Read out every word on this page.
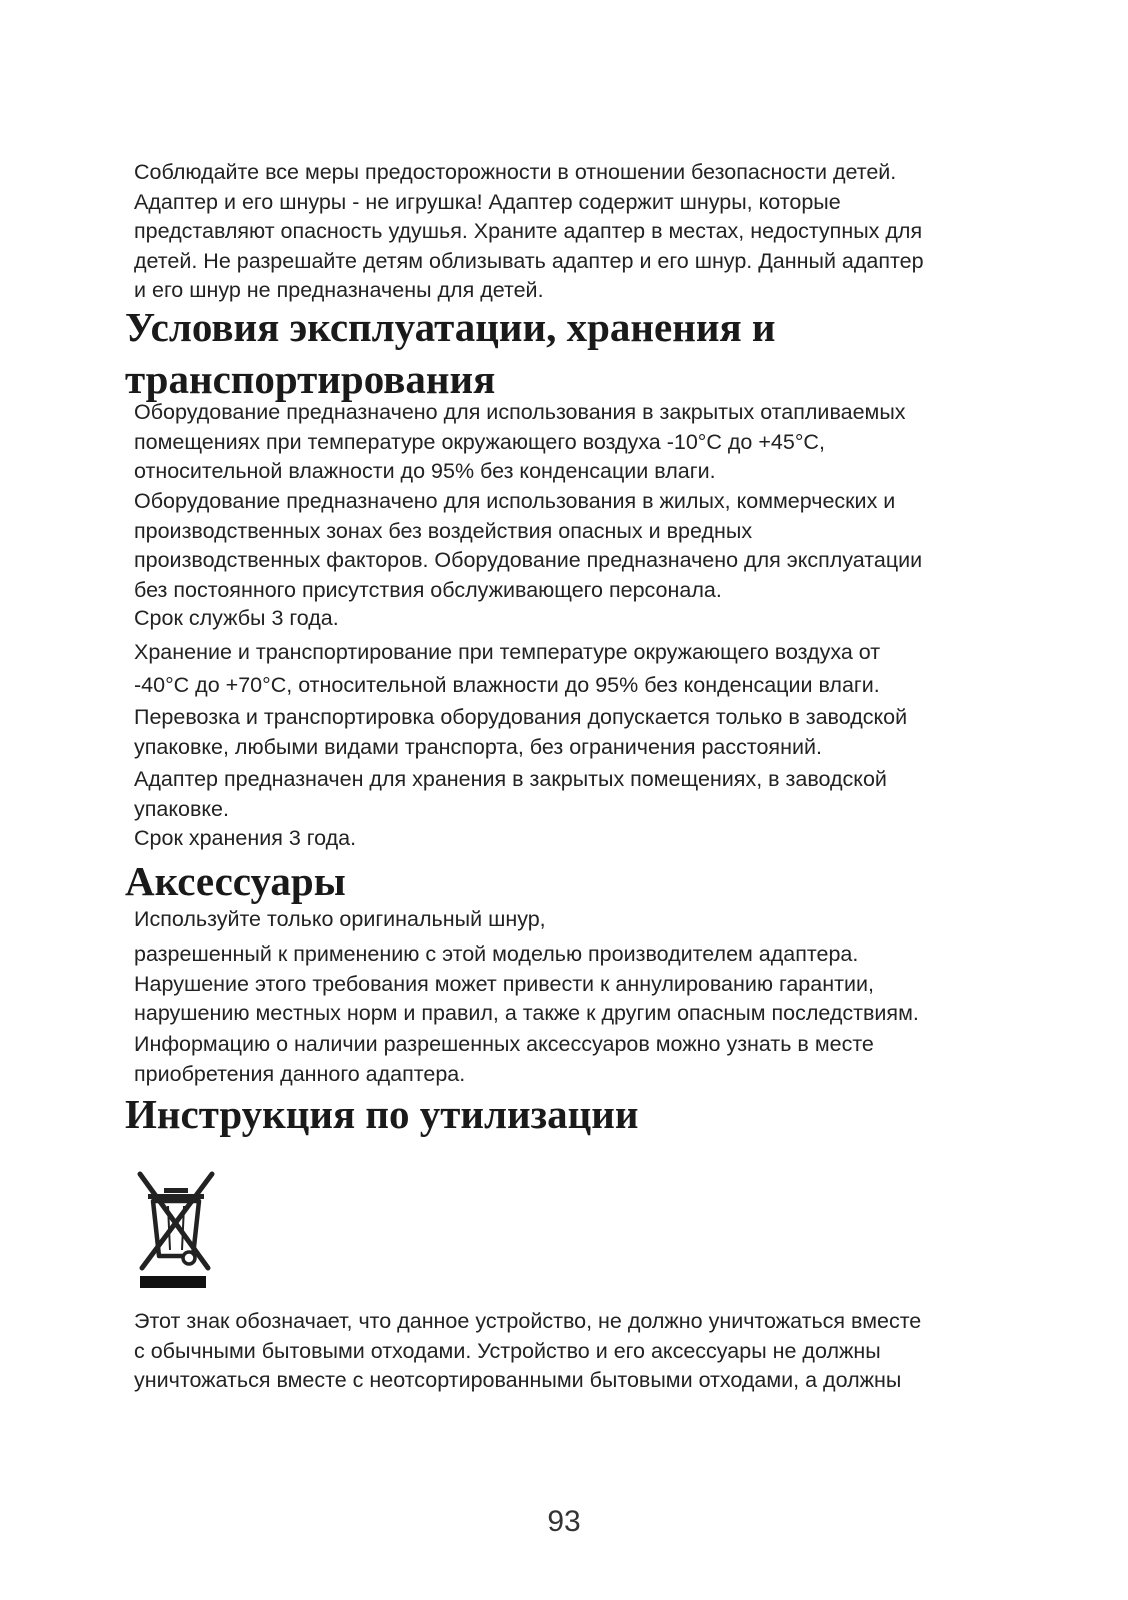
Соблюдайте все меры предосторожности в отношении безопасности детей.
Адаптер и его шнуры - не игрушка! Адаптер содержит шнуры, которые
представляют опасность удушья. Храните адаптер в местах, недоступных для
детей. Не разрешайте детям облизывать адаптер и его шнур. Данный адаптер
и его шнур не предназначены для детей.

Условия эксплуатации, хранения и
транспортирования

Оборудование предназначено для использования в закрытых отапливаемых
помещениях при температуре окружающего воздуха -10°C до +45°C,
относительной влажности до 95% без конденсации влаги.

Оборудование предназначено для использования в жилых, коммерческих и
производственных зонах без воздействия опасных и вредных
производственных факторов. Оборудование предназначено для эксплуатации
без постоянного присутствия обслуживающего персонала.

Срок службы 3 года.

Хранение и транспортирование при температуре окружающего воздуха от

-40°C до +70°C, относительной влажности до 95% без конденсации влаги.

Перевозка и транспортировка оборудования допускается только в заводской
упаковке, любыми видами транспорта, без ограничения расстояний.

Адаптер предназначен для хранения в закрытых помещениях, в заводской
упаковке.

Срок хранения 3 года.

Аксессуары

Используйте только оригинальный шнур,

разрешенный к применению с этой моделью производителем адаптера.
Нарушение этого требования может привести к аннулированию гарантии,
нарушению местных норм и правил, а также к другим опасным последствиям.

Информацию о наличии разрешенных аксессуаров можно узнать в месте
приобретения данного адаптера.

Инструкция по утилизации

Этот знак обозначает, что данное устройство, не должно уничтожаться вместе
с обычными бытовыми отходами. Устройство и его аксессуары не должны
уничтожаться вместе с неотсортированными бытовыми отходами, а должны

93
